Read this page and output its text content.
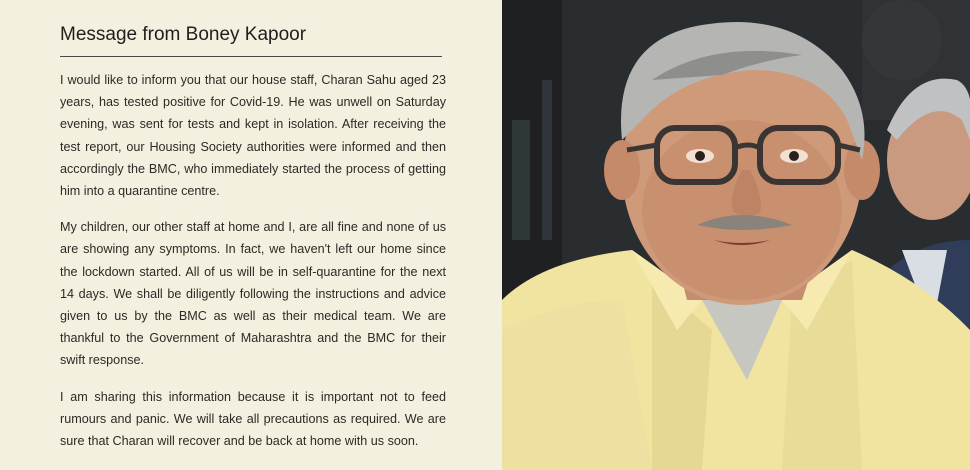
Message from Boney Kapoor

I would like to inform you that our house staff, Charan Sahu aged 23 years, has tested positive for Covid-19. He was unwell on Saturday evening, was sent for tests and kept in isolation. After receiving the test report, our Housing Society authorities were informed and then accordingly the BMC, who immediately started the process of getting him into a quarantine centre.

My children, our other staff at home and I, are all fine and none of us are showing any symptoms. In fact, we haven't left our home since the lockdown started. All of us will be in self-quarantine for the next 14 days. We shall be diligently following the instructions and advice given to us by the BMC as well as their medical team. We are thankful to the Government of Maharashtra and the BMC for their swift response.

I am sharing this information because it is important not to feed rumours and panic. We will take all precautions as required. We are sure that Charan will recover and be back at home with us soon.
